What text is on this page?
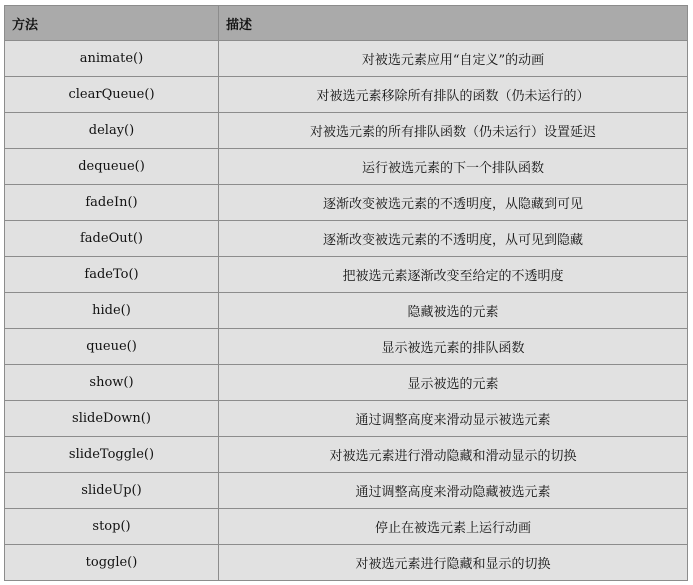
方法	描述
animate()	对被选元素应用“自定义”的动画
clearQueue()	对被选元素移除所有排队的函数（仍未运行的）
delay()	对被选元素的所有排队函数（仍未运行）设置延迟
dequeue()	运行被选元素的下一个排队函数
fadeIn()	逐渐改变被选元素的不透明度，从隐藏到可见
fadeOut()	逐渐改变被选元素的不透明度，从可见到隐藏
fadeTo()	把被选元素逐渐改变至给定的不透明度
hide()	隐藏被选的元素
queue()	显示被选元素的排队函数
show()	显示被选的元素
slideDown()	通过调整高度来滑动显示被选元素
slideToggle()	对被选元素进行滑动隐藏和滑动显示的切换
slideUp()	通过调整高度来滑动隐藏被选元素
stop()	停止在被选元素上运行动画
toggle()	对被选元素进行隐藏和显示的切换
